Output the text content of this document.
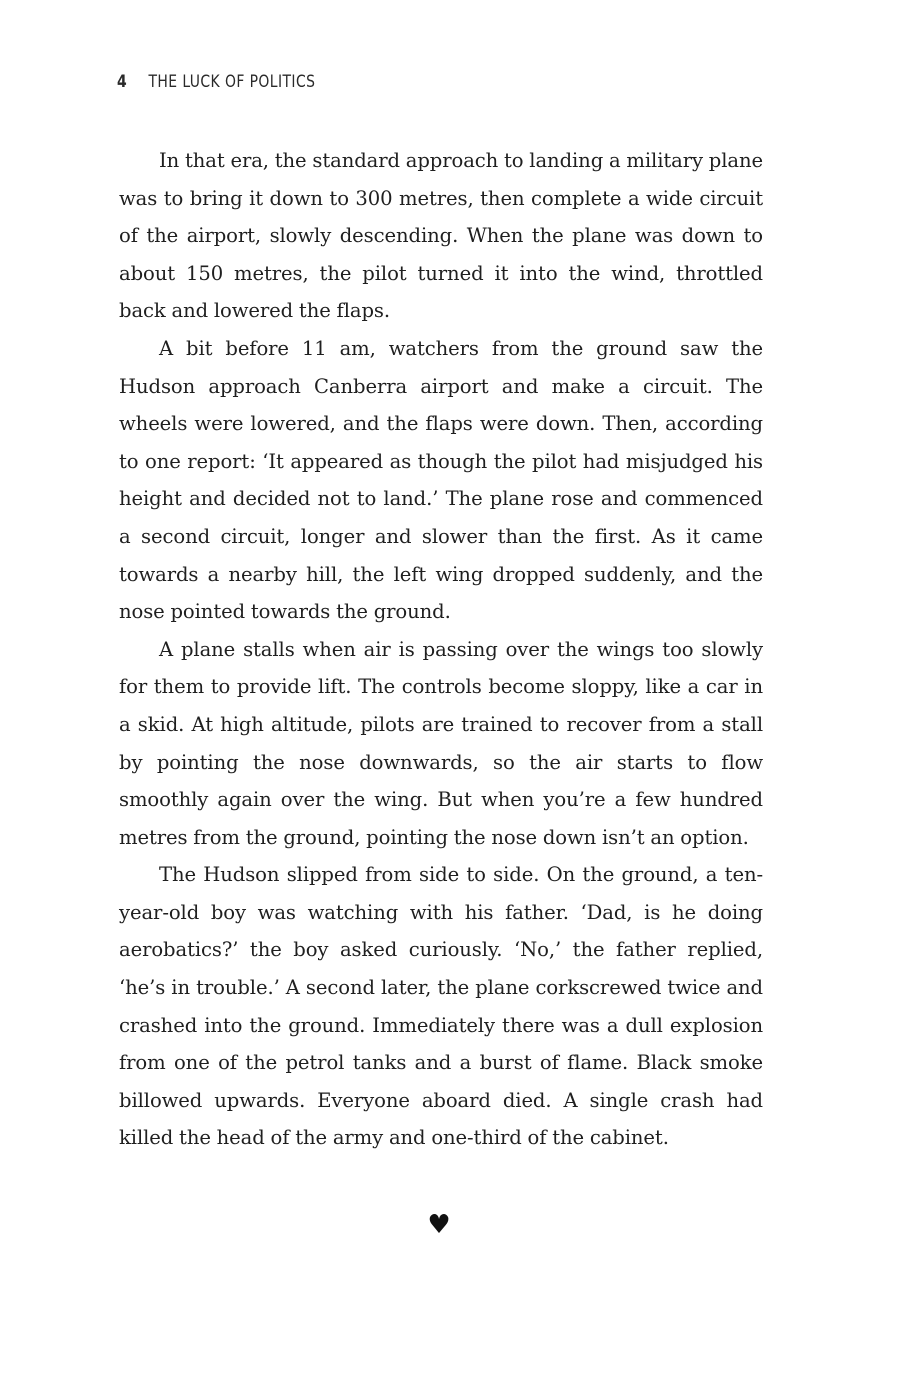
4 THE LUCK OF POLITICS

In that era, the standard approach to landing a military plane was to bring it down to 300 metres, then complete a wide circuit of the airport, slowly descending. When the plane was down to about 150 metres, the pilot turned it into the wind, throttled back and lowered the flaps.

A bit before 11 am, watchers from the ground saw the Hudson approach Canberra airport and make a circuit. The wheels were lowered, and the flaps were down. Then, according to one report: ‘It appeared as though the pilot had misjudged his height and decided not to land.’ The plane rose and commenced a second circuit, longer and slower than the first. As it came towards a nearby hill, the left wing dropped suddenly, and the nose pointed towards the ground.

A plane stalls when air is passing over the wings too slowly for them to provide lift. The controls become sloppy, like a car in a skid. At high altitude, pilots are trained to recover from a stall by pointing the nose downwards, so the air starts to flow smoothly again over the wing. But when you’re a few hundred metres from the ground, pointing the nose down isn’t an option.

The Hudson slipped from side to side. On the ground, a ten-year-old boy was watching with his father. ‘Dad, is he doing aerobatics?’ the boy asked curiously. ‘No,’ the father replied, ‘he’s in trouble.’ A second later, the plane corkscrewed twice and crashed into the ground. Immediately there was a dull explosion from one of the petrol tanks and a burst of flame. Black smoke billowed upwards. Everyone aboard died. A single crash had killed the head of the army and one-third of the cabinet.

♥
